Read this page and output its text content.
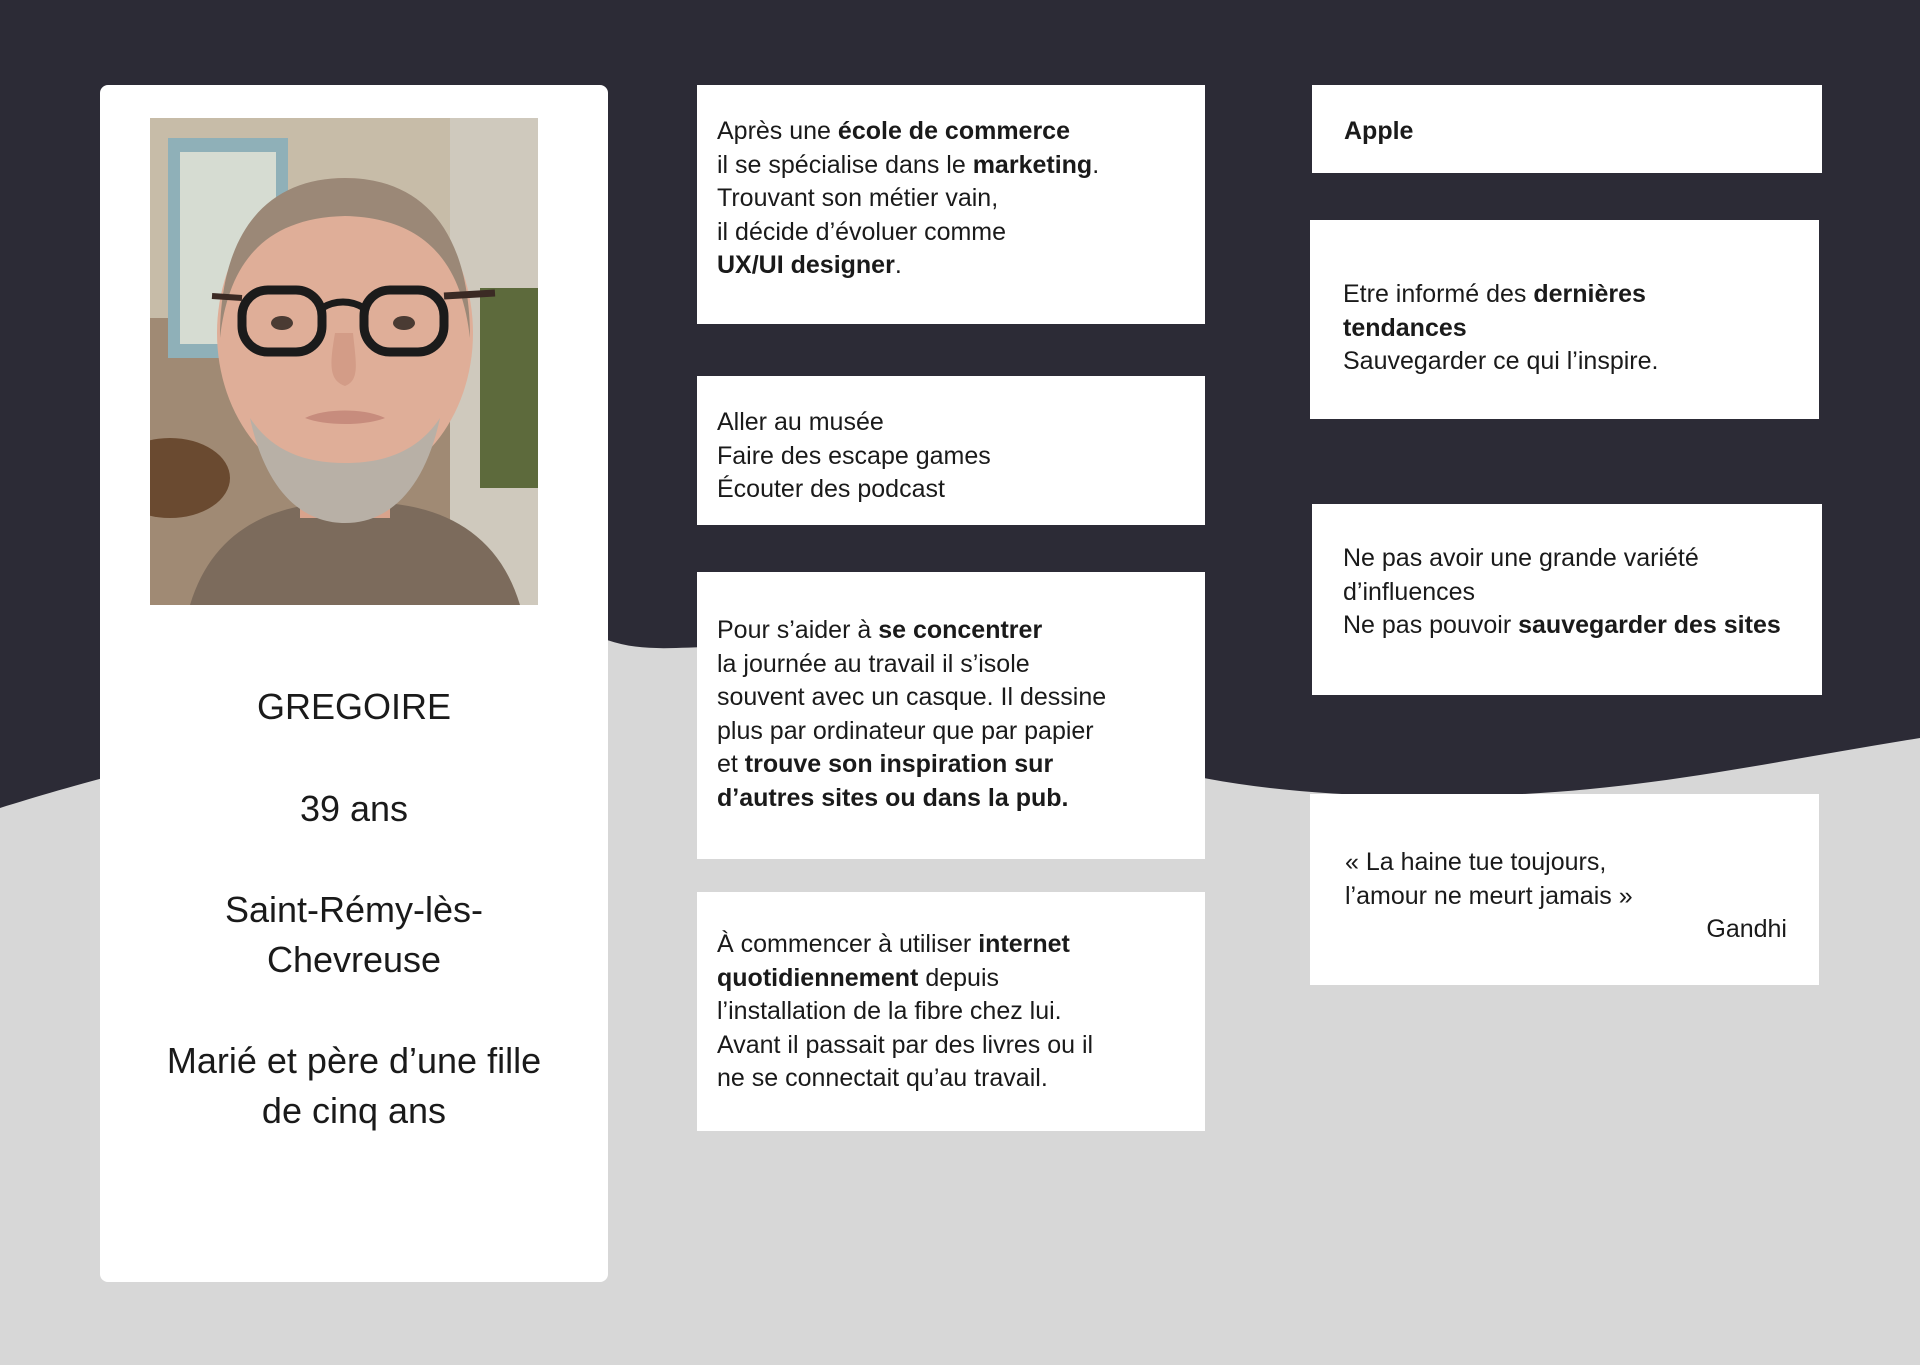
GREGOIRE
39 ans
Saint-Rémy-lès-
Chevreuse
Marié et père d’une fille
de cinq ans
Après une école de commerce
il se spécialise dans le marketing.
Trouvant son métier vain,
il décide d’évoluer comme
UX/UI designer.
Aller au musée
Faire des escape games
Écouter des podcast
Pour s’aider à se concentrer
la journée au travail il s’isole
souvent avec un casque. Il dessine
plus par ordinateur que par papier
et trouve son inspiration sur
d’autres sites ou dans la pub.
À commencer à utiliser internet
quotidiennement depuis
l’installation de la fibre chez lui.
Avant il passait par des livres ou il
ne se connectait qu’au travail.
Apple
Etre informé des dernières
tendances
Sauvegarder ce qui l’inspire.
Ne pas avoir une grande variété
d’influences
Ne pas pouvoir sauvegarder des sites
« La haine tue toujours,
l’amour ne meurt jamais »
Gandhi
